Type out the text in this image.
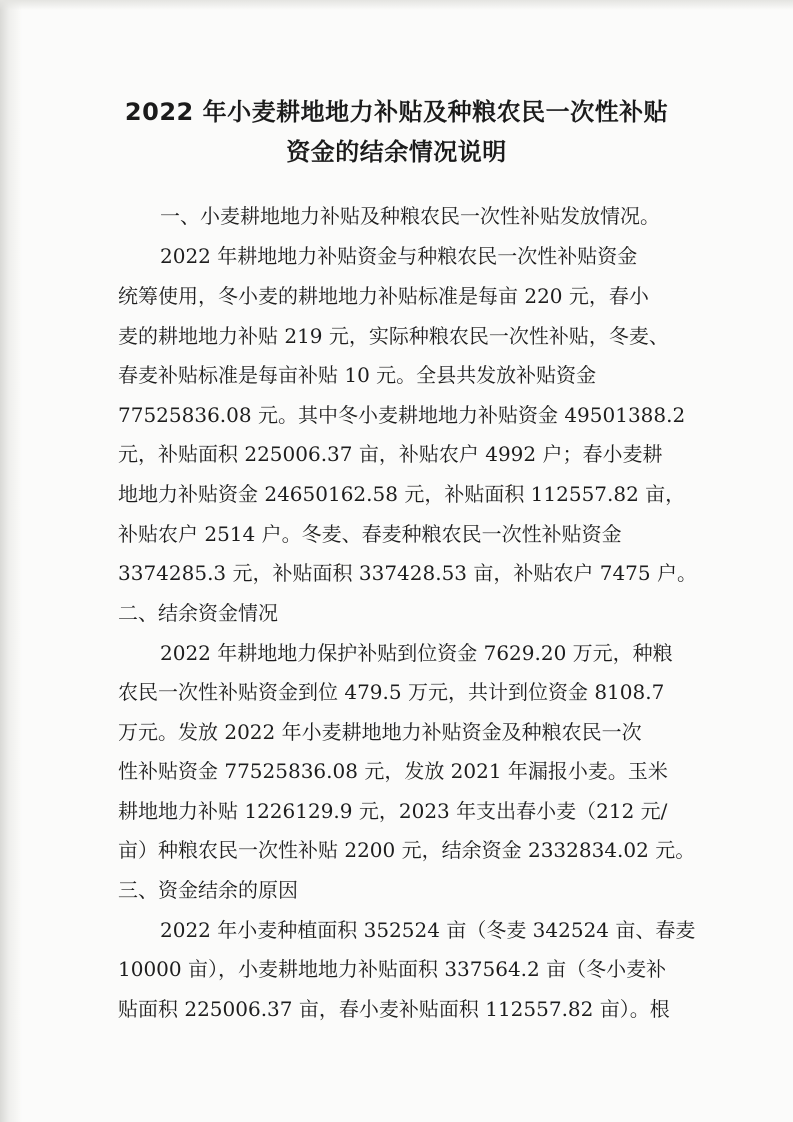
2022 年小麦耕地地力补贴及种粮农民一次性补贴
资金的结余情况说明

一、小麦耕地地力补贴及种粮农民一次性补贴发放情况。

2022 年耕地地力补贴资金与种粮农民一次性补贴资金

统筹使用，冬小麦的耕地地力补贴标准是每亩 220 元，春小

麦的耕地地力补贴 219 元，实际种粮农民一次性补贴，冬麦、

春麦补贴标准是每亩补贴 10 元。全县共发放补贴资金

77525836.08 元。其中冬小麦耕地地力补贴资金 49501388.2

元，补贴面积 225006.37 亩，补贴农户 4992 户；春小麦耕

地地力补贴资金 24650162.58 元，补贴面积 112557.82 亩，

补贴农户 2514 户。冬麦、春麦种粮农民一次性补贴资金

3374285.3 元，补贴面积 337428.53 亩，补贴农户 7475 户。

二、结余资金情况

2022 年耕地地力保护补贴到位资金 7629.20 万元，种粮

农民一次性补贴资金到位 479.5 万元，共计到位资金 8108.7

万元。发放 2022 年小麦耕地地力补贴资金及种粮农民一次

性补贴资金 77525836.08 元，发放 2021 年漏报小麦。玉米

耕地地力补贴 1226129.9 元，2023 年支出春小麦（212 元/

亩）种粮农民一次性补贴 2200 元，结余资金 2332834.02 元。

三、资金结余的原因

2022 年小麦种植面积 352524 亩（冬麦 342524 亩、春麦

10000 亩），小麦耕地地力补贴面积 337564.2 亩（冬小麦补

贴面积 225006.37 亩，春小麦补贴面积 112557.82 亩）。根
